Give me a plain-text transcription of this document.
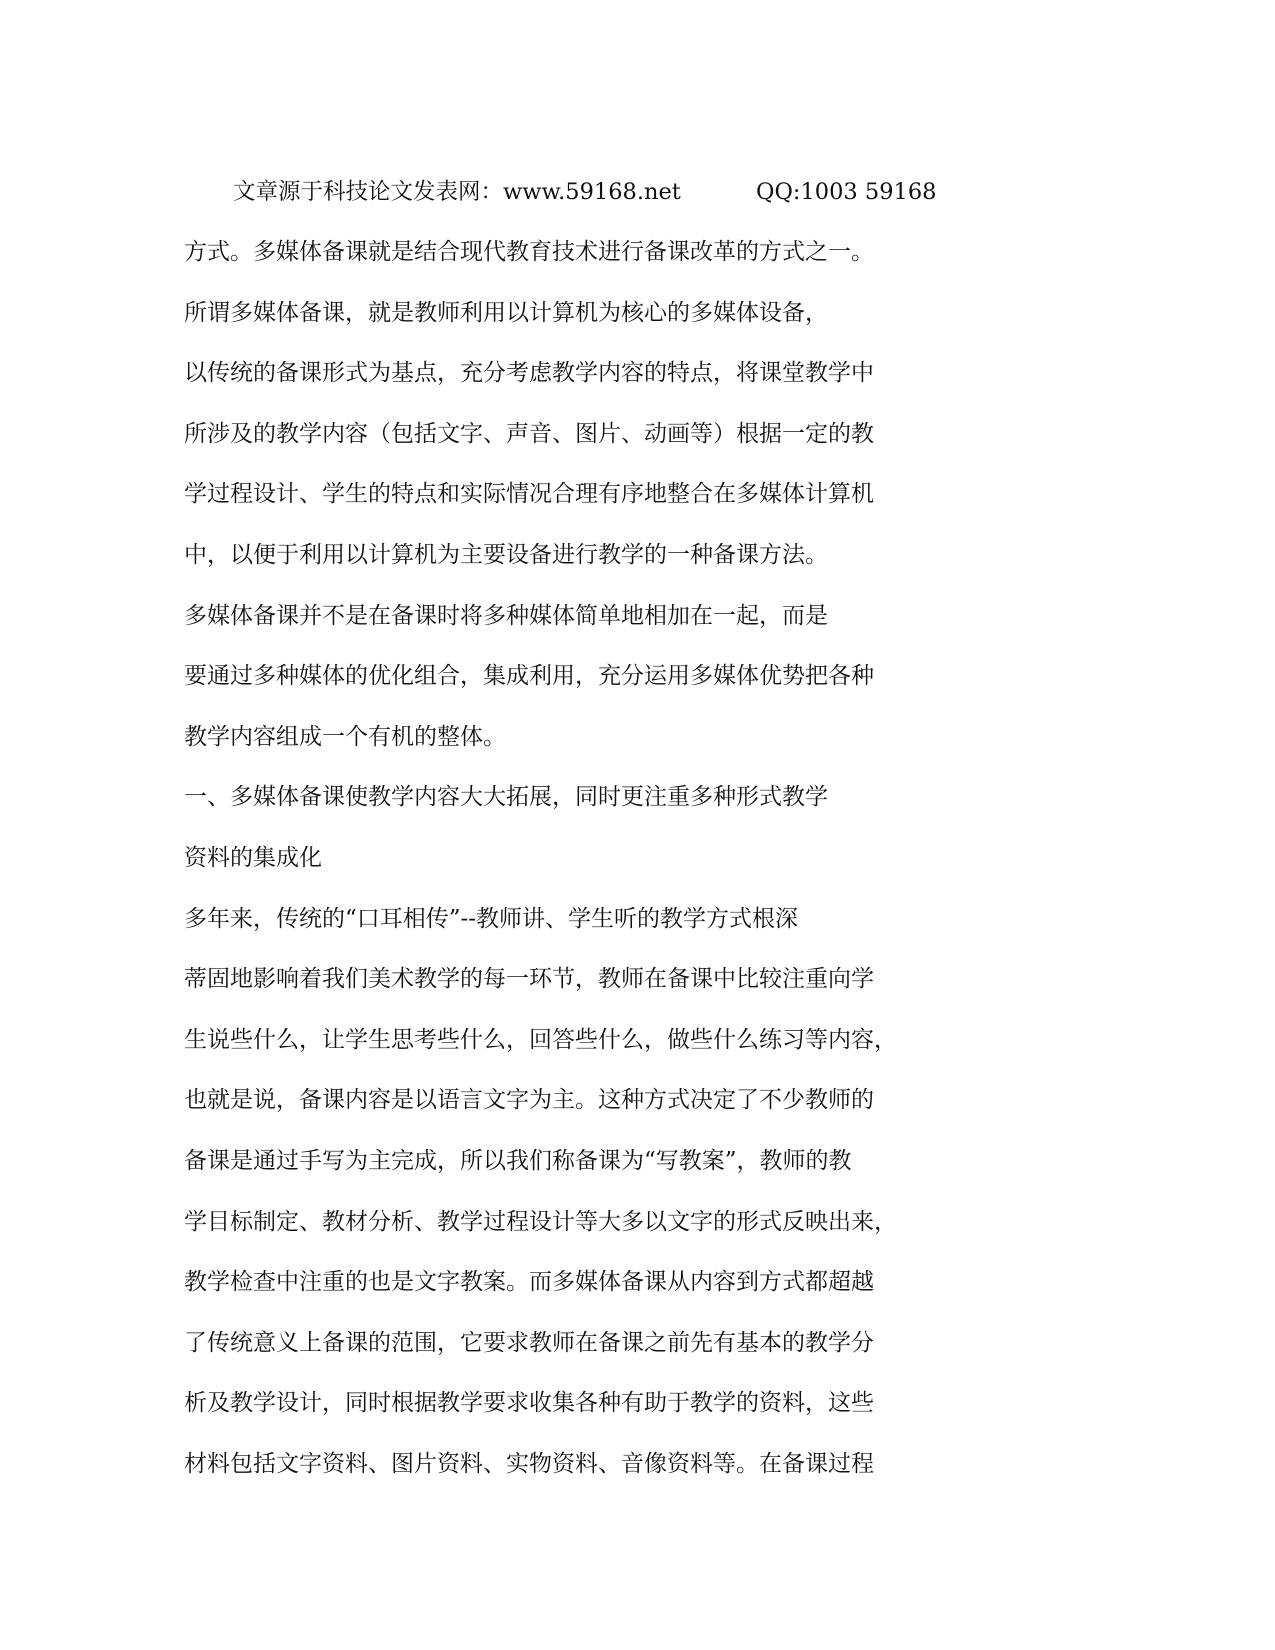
文章源于科技论文发表网：www.59168.net	QQ:1003 59168
方式。多媒体备课就是结合现代教育技术进行备课改革的方式之一。
所谓多媒体备课，就是教师利用以计算机为核心的多媒体设备，
以传统的备课形式为基点，充分考虑教学内容的特点，将课堂教学中
所涉及的教学内容（包括文字、声音、图片、动画等）根据一定的教
学过程设计、学生的特点和实际情况合理有序地整合在多媒体计算机
中，以便于利用以计算机为主要设备进行教学的一种备课方法。
多媒体备课并不是在备课时将多种媒体简单地相加在一起，而是
要通过多种媒体的优化组合，集成利用，充分运用多媒体优势把各种
教学内容组成一个有机的整体。
一、多媒体备课使教学内容大大拓展，同时更注重多种形式教学
资料的集成化
多年来，传统的“口耳相传”--教师讲、学生听的教学方式根深
蒂固地影响着我们美术教学的每一环节，教师在备课中比较注重向学
生说些什么，让学生思考些什么，回答些什么，做些什么练习等内容，
也就是说，备课内容是以语言文字为主。这种方式决定了不少教师的
备课是通过手写为主完成，所以我们称备课为“写教案”，教师的教
学目标制定、教材分析、教学过程设计等大多以文字的形式反映出来，
教学检查中注重的也是文字教案。而多媒体备课从内容到方式都超越
了传统意义上备课的范围，它要求教师在备课之前先有基本的教学分
析及教学设计，同时根据教学要求收集各种有助于教学的资料，这些
材料包括文字资料、图片资料、实物资料、音像资料等。在备课过程
